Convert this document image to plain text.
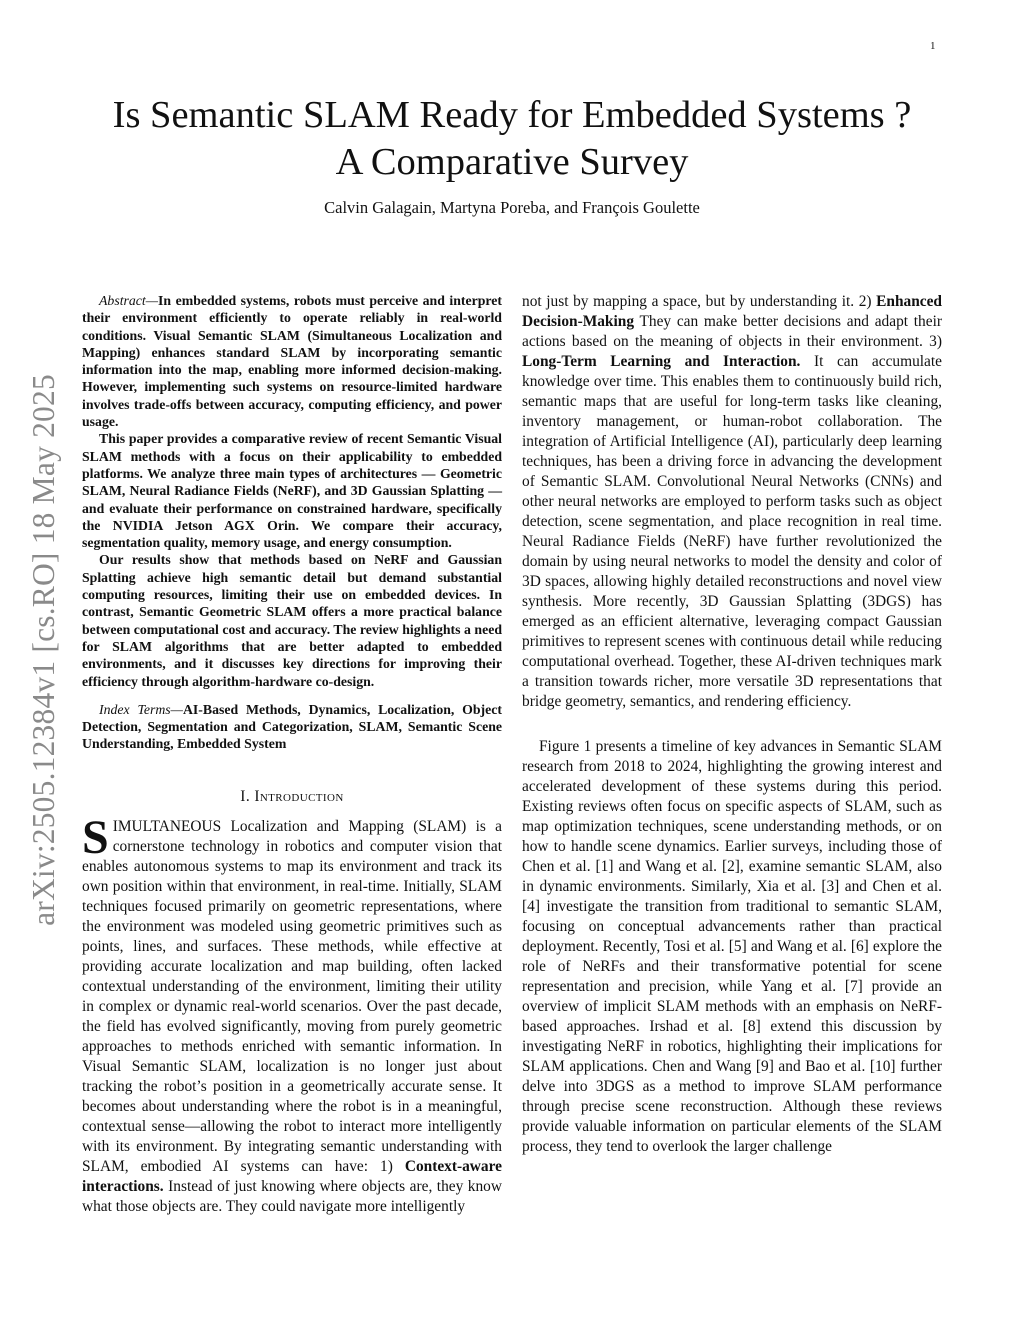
1
arXiv:2505.12384v1 [cs.RO] 18 May 2025
Is Semantic SLAM Ready for Embedded Systems ?
A Comparative Survey
Calvin Galagain, Martyna Poreba, and François Goulette

Abstract—In embedded systems, robots must perceive and interpret their environment efficiently to operate reliably in real-world conditions. Visual Semantic SLAM (Simultaneous Localization and Mapping) enhances standard SLAM by incorporating semantic information into the map, enabling more informed decision-making. However, implementing such systems on resource-limited hardware involves trade-offs between accuracy, computing efficiency, and power usage.

This paper provides a comparative review of recent Semantic Visual SLAM methods with a focus on their applicability to embedded platforms. We analyze three main types of architectures — Geometric SLAM, Neural Radiance Fields (NeRF), and 3D Gaussian Splatting — and evaluate their performance on constrained hardware, specifically the NVIDIA Jetson AGX Orin. We compare their accuracy, segmentation quality, memory usage, and energy consumption.

Our results show that methods based on NeRF and Gaussian Splatting achieve high semantic detail but demand substantial computing resources, limiting their use on embedded devices. In contrast, Semantic Geometric SLAM offers a more practical balance between computational cost and accuracy. The review highlights a need for SLAM algorithms that are better adapted to embedded environments, and it discusses key directions for improving their efficiency through algorithm-hardware co-design.

Index Terms—AI-Based Methods, Dynamics, Localization, Object Detection, Segmentation and Categorization, SLAM, Semantic Scene Understanding, Embedded System

I. Introduction

SIMULTANEOUS Localization and Mapping (SLAM) is a cornerstone technology in robotics and computer vision that enables autonomous systems to map its environment and track its own position within that environment, in real-time. Initially, SLAM techniques focused primarily on geometric representations, where the environment was modeled using geometric primitives such as points, lines, and surfaces. These methods, while effective at providing accurate localization and map building, often lacked contextual understanding of the environment, limiting their utility in complex or dynamic real-world scenarios. Over the past decade, the field has evolved significantly, moving from purely geometric approaches to methods enriched with semantic information. In Visual Semantic SLAM, localization is no longer just about tracking the robot’s position in a geometrically accurate sense. It becomes about understanding where the robot is in a meaningful, contextual sense—allowing the robot to interact more intelligently with its environment. By integrating semantic understanding with SLAM, embodied AI systems can have: 1) Context-aware interactions. Instead of just knowing where objects are, they know what those objects are. They could navigate more intelligently

not just by mapping a space, but by understanding it. 2) Enhanced Decision-Making They can make better decisions and adapt their actions based on the meaning of objects in their environment. 3) Long-Term Learning and Interaction. It can accumulate knowledge over time. This enables them to continuously build rich, semantic maps that are useful for long-term tasks like cleaning, inventory management, or human-robot collaboration. The integration of Artificial Intelligence (AI), particularly deep learning techniques, has been a driving force in advancing the development of Semantic SLAM. Convolutional Neural Networks (CNNs) and other neural networks are employed to perform tasks such as object detection, scene segmentation, and place recognition in real time. Neural Radiance Fields (NeRF) have further revolutionized the domain by using neural networks to model the density and color of 3D spaces, allowing highly detailed reconstructions and novel view synthesis. More recently, 3D Gaussian Splatting (3DGS) has emerged as an efficient alternative, leveraging compact Gaussian primitives to represent scenes with continuous detail while reducing computational overhead. Together, these AI-driven techniques mark a transition towards richer, more versatile 3D representations that bridge geometry, semantics, and rendering efficiency.

Figure 1 presents a timeline of key advances in Semantic SLAM research from 2018 to 2024, highlighting the growing interest and accelerated development of these systems during this period. Existing reviews often focus on specific aspects of SLAM, such as map optimization techniques, scene understanding methods, or on how to handle scene dynamics. Earlier surveys, including those of Chen et al. [1] and Wang et al. [2], examine semantic SLAM, also in dynamic environments. Similarly, Xia et al. [3] and Chen et al. [4] investigate the transition from traditional to semantic SLAM, focusing on conceptual advancements rather than practical deployment. Recently, Tosi et al. [5] and Wang et al. [6] explore the role of NeRFs and their transformative potential for scene representation and precision, while Yang et al. [7] provide an overview of implicit SLAM methods with an emphasis on NeRF-based approaches. Irshad et al. [8] extend this discussion by investigating NeRF in robotics, highlighting their implications for SLAM applications. Chen and Wang [9] and Bao et al. [10] further delve into 3DGS as a method to improve SLAM performance through precise scene reconstruction. Although these reviews provide valuable information on particular elements of the SLAM process, they tend to overlook the larger challenge
